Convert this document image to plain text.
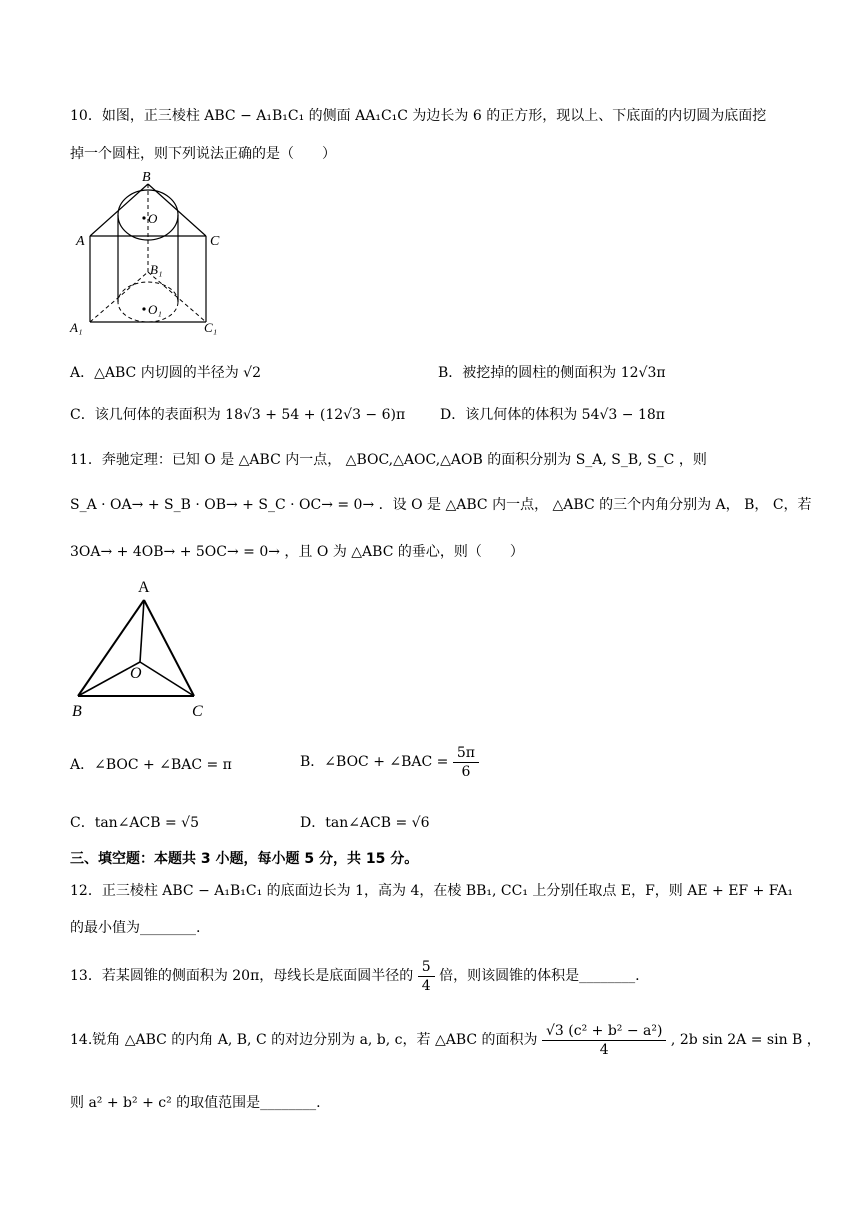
10．如图，正三棱柱 ABC − A₁B₁C₁ 的侧面 AA₁C₁C 为边长为 6 的正方形，现以上、下底面的内切圆为底面挖
掉一个圆柱，则下列说法正确的是（　　）
B
O
A	C
B₁
O₁
A₁	C₁
A．△ABC 内切圆的半径为 √2	B．被挖掉的圆柱的侧面积为 12√3π
C．该几何体的表面积为 18√3 + 54 + (12√3 − 6)π D．该几何体的体积为 54√3 − 18π
11．奔驰定理：已知 O 是 △ABC 内一点， △BOC,△AOC,△AOB 的面积分别为 S_A, S_B, S_C ，则
S_A · OA→ + S_B · OB→ + S_C · OC→ = 0→ ．设 O 是 △ABC 内一点， △ABC 的三个内角分别为 A， B， C，若
3OA→ + 4OB→ + 5OC→ = 0→ ，且 O 为 △ABC 的垂心，则（　　）
A
O
B	C
A．∠BOC + ∠BAC = π	B．∠BOC + ∠BAC = $\frac{5\pi}{6}$
C．tan∠ACB = √5	D．tan∠ACB = √6
三、填空题：本题共 3 小题，每小题 5 分，共 15 分。
12．正三棱柱 ABC − A₁B₁C₁ 的底面边长为 1，高为 4，在棱 BB₁, CC₁ 上分别任取点 E，F，则 AE + EF + FA₁
的最小值为________.
13．若某圆锥的侧面积为 20π，母线长是底面圆半径的 $\frac{5}{4}$ 倍，则该圆锥的体积是________.
14.锐角 △ABC 的内角 A, B, C 的对边分别为 a, b, c，若 △ABC 的面积为 $\frac{\text{√3 (c² + b² − a²)}}{4}$ , 2b sin 2A = sin B ，
则 a² + b² + c² 的取值范围是________.
